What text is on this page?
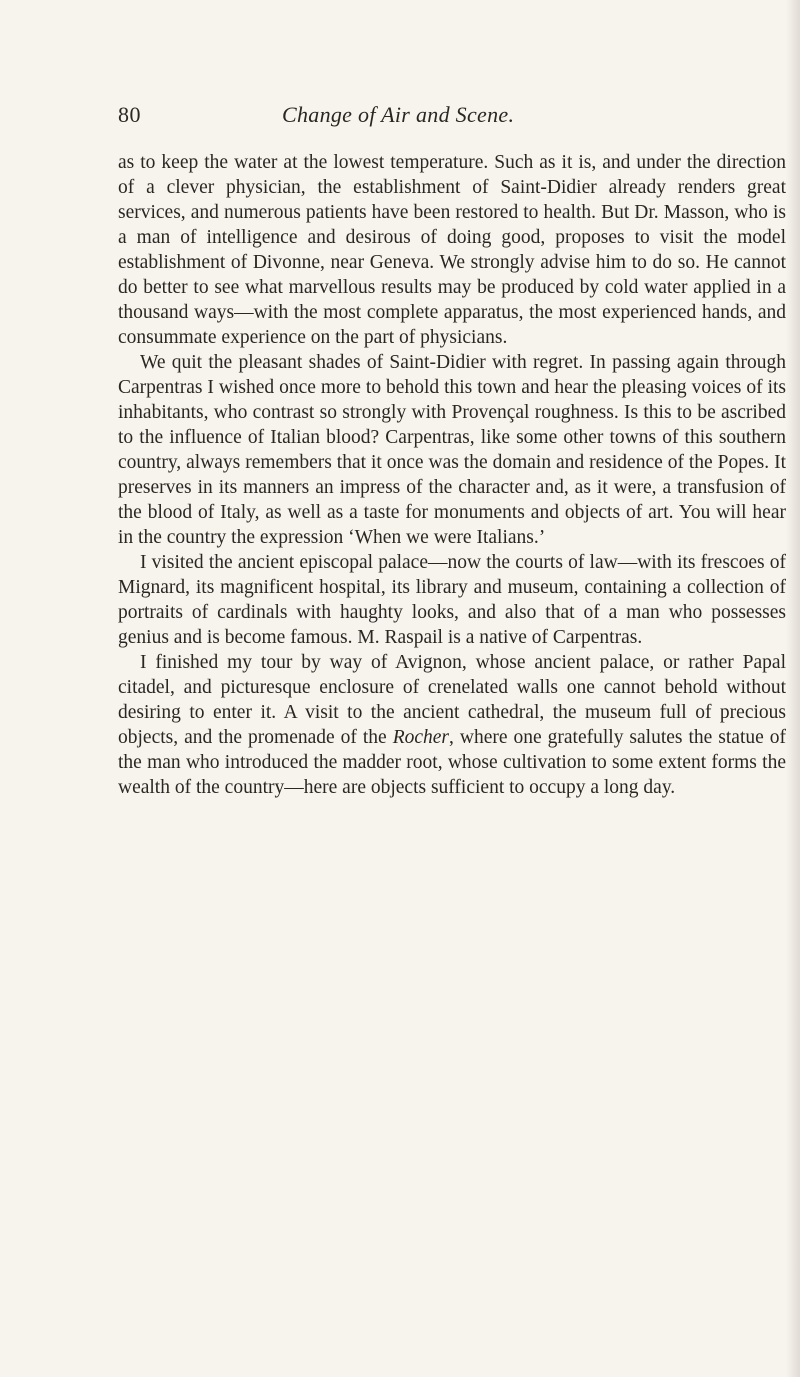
80	Change of Air and Scene.

as to keep the water at the lowest temperature. Such as it is, and under the direction of a clever physician, the establishment of Saint-Didier already renders great services, and numerous patients have been restored to health. But Dr. Masson, who is a man of intelligence and desirous of doing good, proposes to visit the model establishment of Divonne, near Geneva. We strongly advise him to do so. He cannot do better to see what marvellous results may be produced by cold water applied in a thousand ways—with the most complete apparatus, the most experienced hands, and consummate experience on the part of physicians.

We quit the pleasant shades of Saint-Didier with regret. In passing again through Carpentras I wished once more to behold this town and hear the pleasing voices of its inhabitants, who contrast so strongly with Provençal roughness. Is this to be ascribed to the influence of Italian blood? Carpentras, like some other towns of this southern country, always remembers that it once was the domain and residence of the Popes. It preserves in its manners an impress of the character and, as it were, a transfusion of the blood of Italy, as well as a taste for monuments and objects of art. You will hear in the country the expression ‘When we were Italians.’

I visited the ancient episcopal palace—now the courts of law—with its frescoes of Mignard, its magnificent hospital, its library and museum, containing a collection of portraits of cardinals with haughty looks, and also that of a man who possesses genius and is become famous. M. Raspail is a native of Carpentras.

I finished my tour by way of Avignon, whose ancient palace, or rather Papal citadel, and picturesque enclosure of crenelated walls one cannot behold without desiring to enter it. A visit to the ancient cathedral, the museum full of precious objects, and the promenade of the Rocher, where one gratefully salutes the statue of the man who introduced the madder root, whose cultivation to some extent forms the wealth of the country—here are objects sufficient to occupy a long day.
